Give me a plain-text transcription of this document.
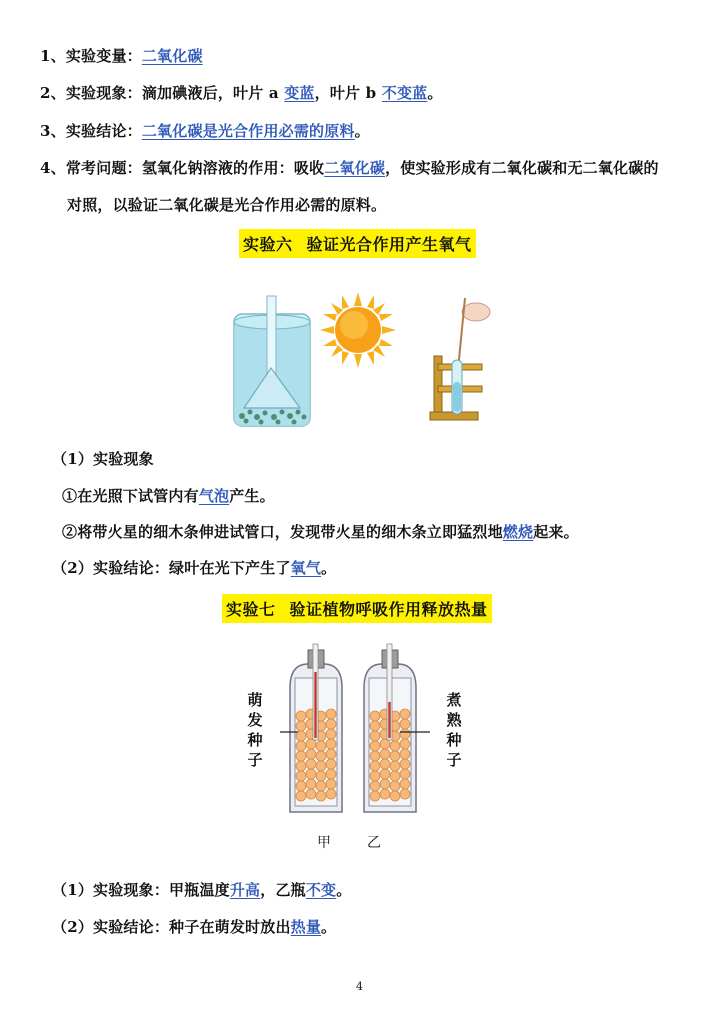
1、实验变量：二氧化碳
2、实验现象：滴加碘液后，叶片 a 变蓝，叶片 b 不变蓝。
3、实验结论：二氧化碳是光合作用必需的原料。
4、常考问题：氢氧化钠溶液的作用：吸收二氧化碳，使实验形成有二氧化碳和无二氧化碳的
对照，以验证二氧化碳是光合作用必需的原料。
实验六 验证光合作用产生氧气
（1）实验现象
①在光照下试管内有气泡产生。
②将带火星的细木条伸进试管口，发现带火星的细木条立即猛烈地燃烧起来。
（2）实验结论：绿叶在光下产生了氧气。
实验七 验证植物呼吸作用释放热量
萌发种子
煮熟种子
甲	乙
（1）实验现象：甲瓶温度升高，乙瓶不变。
（2）实验结论：种子在萌发时放出热量。
4
